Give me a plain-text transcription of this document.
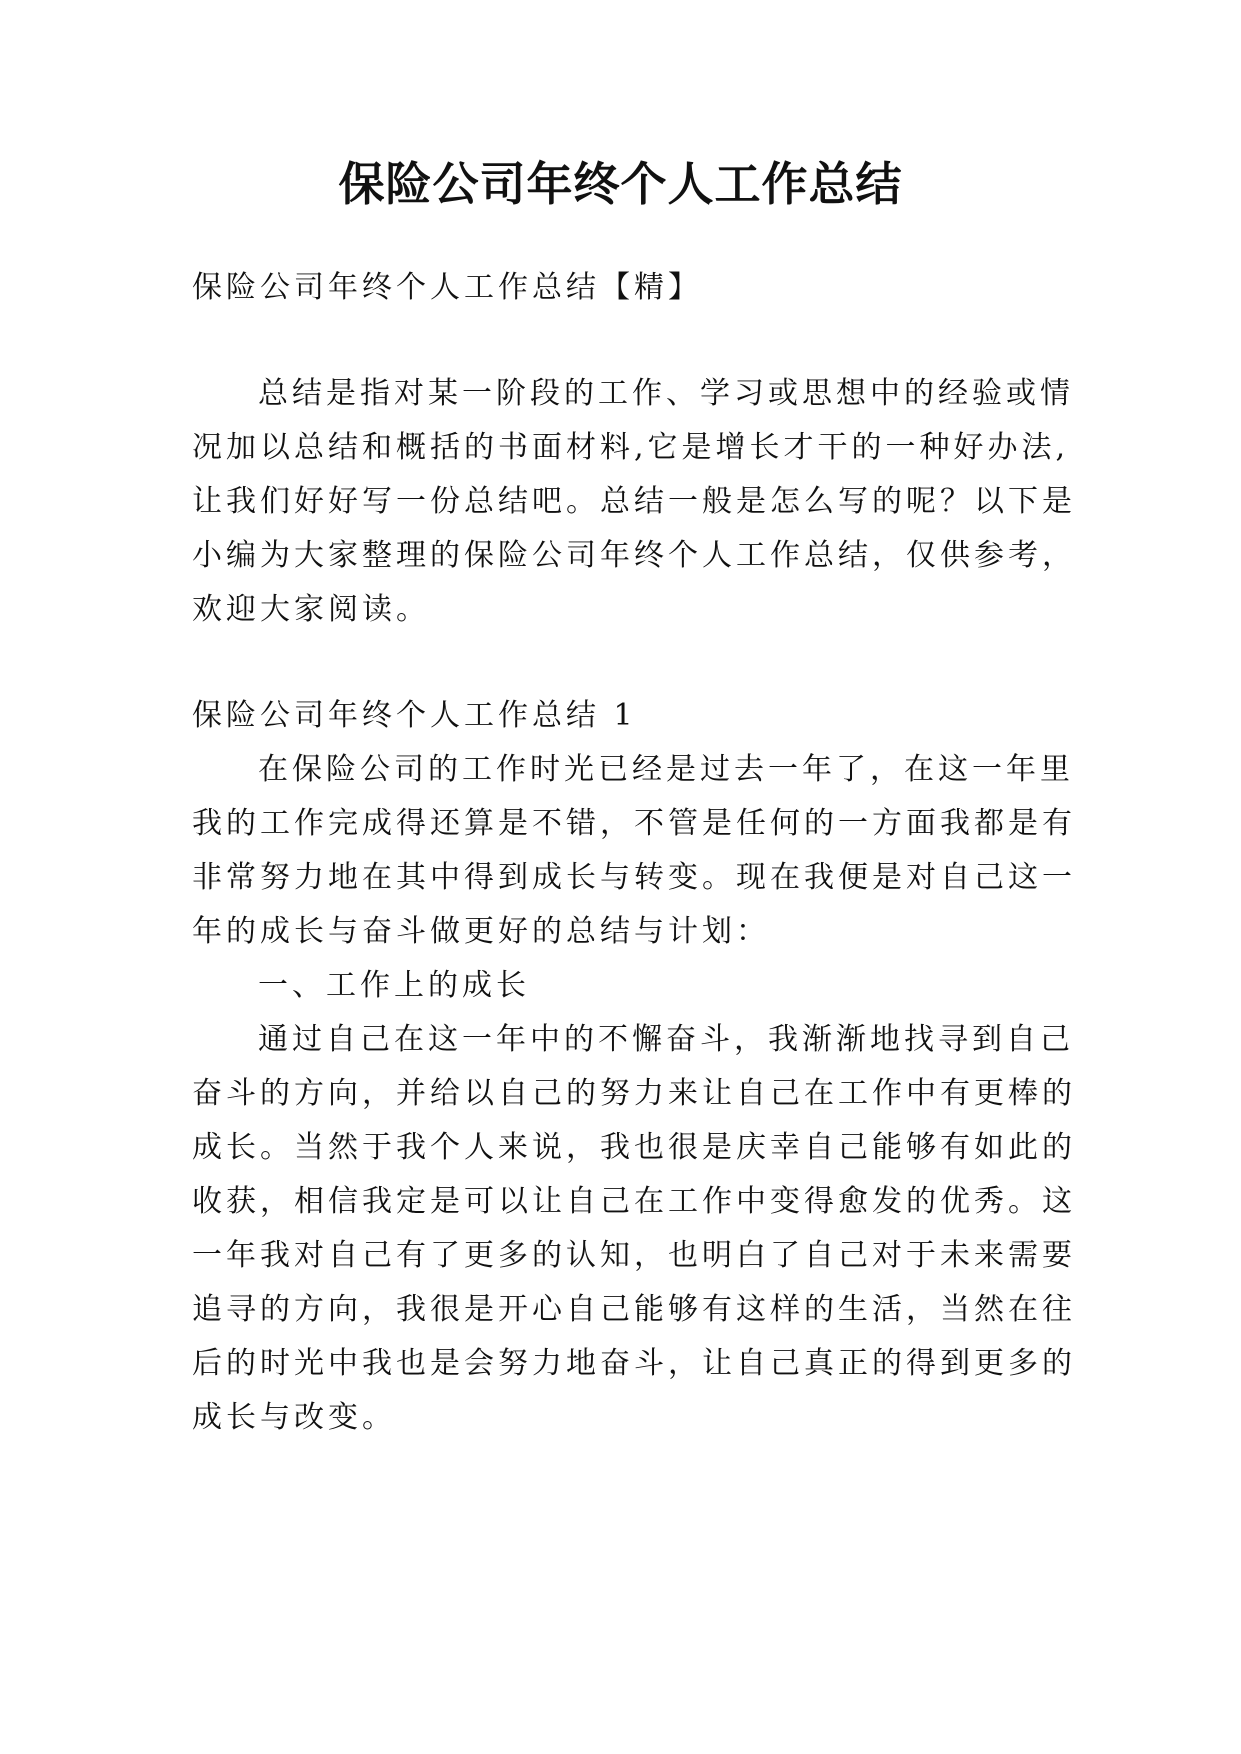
保险公司年终个人工作总结

保险公司年终个人工作总结【精】

总结是指对某一阶段的工作、学习或思想中的经验或情

况加以总结和概括的书面材料,它是增长才干的一种好办法,

让我们好好写一份总结吧。总结一般是怎么写的呢？以下是

小编为大家整理的保险公司年终个人工作总结，仅供参考，

欢迎大家阅读。

保险公司年终个人工作总结 1

在保险公司的工作时光已经是过去一年了，在这一年里

我的工作完成得还算是不错，不管是任何的一方面我都是有

非常努力地在其中得到成长与转变。现在我便是对自己这一

年的成长与奋斗做更好的总结与计划：

一、工作上的成长

通过自己在这一年中的不懈奋斗，我渐渐地找寻到自己

奋斗的方向，并给以自己的努力来让自己在工作中有更棒的

成长。当然于我个人来说，我也很是庆幸自己能够有如此的

收获，相信我定是可以让自己在工作中变得愈发的优秀。这

一年我对自己有了更多的认知，也明白了自己对于未来需要

追寻的方向，我很是开心自己能够有这样的生活，当然在往

后的时光中我也是会努力地奋斗，让自己真正的得到更多的

成长与改变。
